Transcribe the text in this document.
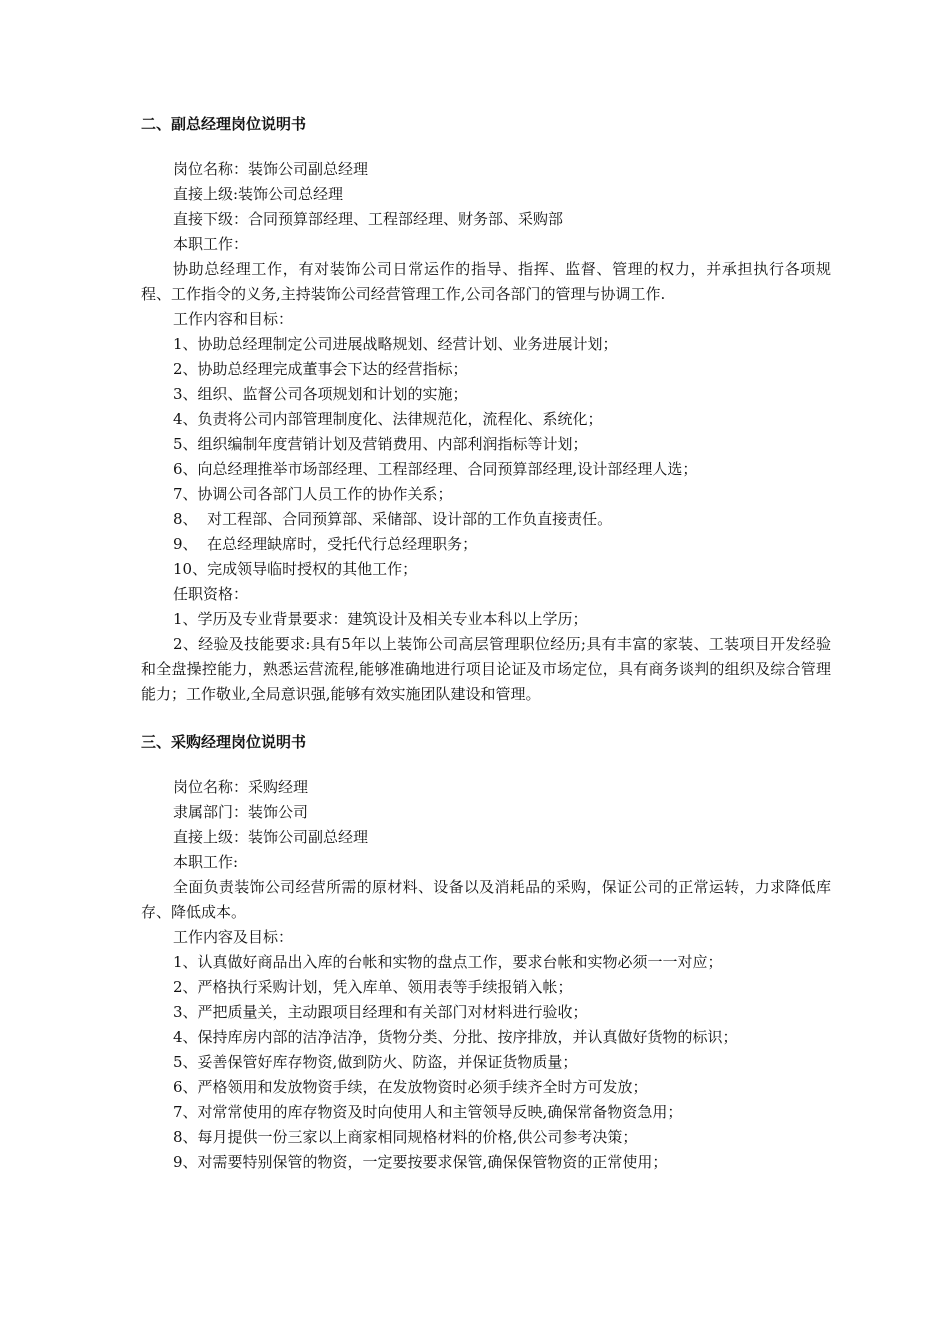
二、副总经理岗位说明书

岗位名称：装饰公司副总经理

直接上级:装饰公司总经理

直接下级：合同预算部经理、工程部经理、财务部、采购部

本职工作：

协助总经理工作，有对装饰公司日常运作的指导、指挥、监督、管理的权力，并承担执行各项规程、工作指令的义务,主持装饰公司经营管理工作,公司各部门的管理与协调工作.

工作内容和目标：

1、协助总经理制定公司进展战略规划、经营计划、业务进展计划；

2、协助总经理完成董事会下达的经营指标；

3、组织、监督公司各项规划和计划的实施；

4、负责将公司内部管理制度化、法律规范化，流程化、系统化；

5、组织编制年度营销计划及营销费用、内部利润指标等计划；

6、向总经理推举市场部经理、工程部经理、合同预算部经理,设计部经理人选；

7、协调公司各部门人员工作的协作关系；

8、  对工程部、合同预算部、采储部、设计部的工作负直接责任。

9、  在总经理缺席时，受托代行总经理职务；

10、完成领导临时授权的其他工作；

任职资格：

1、学历及专业背景要求：建筑设计及相关专业本科以上学历；

2、经验及技能要求:具有5年以上装饰公司高层管理职位经历;具有丰富的家装、工装项目开发经验和全盘操控能力，熟悉运营流程,能够准确地进行项目论证及市场定位，具有商务谈判的组织及综合管理能力；工作敬业,全局意识强,能够有效实施团队建设和管理。

三、采购经理岗位说明书

岗位名称：采购经理

隶属部门：装饰公司

直接上级：装饰公司副总经理

本职工作:

全面负责装饰公司经营所需的原材料、设备以及消耗品的采购，保证公司的正常运转，力求降低库存、降低成本。

工作内容及目标：

1、认真做好商品出入库的台帐和实物的盘点工作，要求台帐和实物必须一一对应；

2、严格执行采购计划，凭入库单、领用表等手续报销入帐；

3、严把质量关，主动跟项目经理和有关部门对材料进行验收；

4、保持库房内部的洁净洁净，货物分类、分批、按序排放，并认真做好货物的标识；

5、妥善保管好库存物资,做到防火、防盗，并保证货物质量；

6、严格领用和发放物资手续，在发放物资时必须手续齐全时方可发放；

7、对常常使用的库存物资及时向使用人和主管领导反映,确保常备物资急用；

8、每月提供一份三家以上商家相同规格材料的价格,供公司参考决策；

9、对需要特别保管的物资，一定要按要求保管,确保保管物资的正常使用；
